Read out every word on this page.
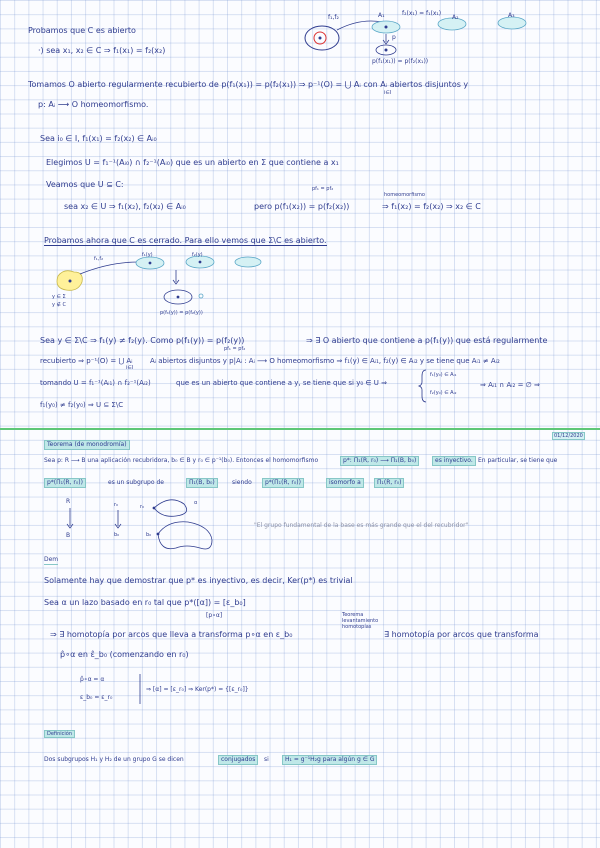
Probamos que C es abierto
·) sea x₁, x₂ ∈ C ⇒ f₁(x₁) = f₂(x₂)
f₁,f₂	A₁	f₂(x₁) = f₁(x₁)
A₂	A₃
p
p(f₁(x₁)) = p(f₂(x₁))
Tomamos O abierto regularmente recubierto de p(f₁(x₁)) = p(f₂(x₁)) ⇒ p⁻¹(O) = ⋃ Aᵢ con Aᵢ abiertos disjuntos y
i∈I
p: Aᵢ ⟶ O homeomorfismo.
Sea i₀ ∈ I, f₁(x₁) = f₂(x₂) ∈ Aᵢ₀
Elegimos U = f₁⁻¹(Aᵢ₀) ∩ f₂⁻¹(Aᵢ₀) que es un abierto en Σ que contiene a x₁
Veamos que U ⊆ C:	pf₁ = pf₂
homeomorfismo
sea x₂ ∈ U ⇒ f₁(x₂), f₂(x₂) ∈ Aᵢ₀	pero p(f₁(x₂)) = p(f₂(x₂))	⇒ f₁(x₂) = f₂(x₂) ⇒ x₂ ∈ C
Probamos ahora que C es cerrado. Para ello vemos que Σ\C es abierto.
f₁,f₂
f₁(y)	f₂(y)
y ∈ Σ
y ∉ C
p(f₁(y)) = p(f₂(y))
Sea y ∈ Σ\C ⇒ f₁(y) ≠ f₂(y). Como p(f₁(y)) = p(f₂(y))	⇒ ∃ O abierto que contiene a p(f₁(y)) que está regularmente
pf₁ = pf₂
recubierto ⇒ p⁻¹(O) = ⋃ Aᵢ
i∈I
Aᵢ abiertos disjuntos y p|Aᵢ : Aᵢ ⟶ O homeomorfismo ⇒ f₁(y) ∈ Aᵢ₁, f₂(y) ∈ Aᵢ₂ y se tiene que Aᵢ₁ ≠ Aᵢ₂
tomando U = f₁⁻¹(Aᵢ₁) ∩ f₂⁻¹(Aᵢ₂)	que es un abierto que contiene a y, se tiene que si y₀ ∈ U ⇒
f₁(y₀) ∈ Aᵢ₁
f₂(y₀) ∈ Aᵢ₂
⇒ Aᵢ₁ ∩ Aᵢ₂ = ∅ ⇒
f₁(y₀) ≠ f₂(y₀) ⇒ U ⊆ Σ\C
01/12/2020
Teorema (de monodromía)
Sea p: R ⟶ B una aplicación recubridora, b₀ ∈ B y r₀ ∈ p⁻¹(b₀). Entonces el homomorfismo	p*: Π₁(R, r₀) ⟶ Π₁(B, b₀)	es inyectivo. En particular, se tiene que
p*(Π₁(R, r₀))	es un subgrupo de	Π₁(B, b₀)	siendo	p*(Π₁(R, r₀))	isomorfo a	Π₁(R, r₀)
R
B
r₀
b₀
r₀
b₀
α
"El grupo fundamental de la base es más grande que el del recubridor"
Dem
Solamente hay que demostrar que p* es inyectivo, es decir, Ker(p*) es trivial
Sea α un lazo basado en r₀ tal que p*([α]) = [ε_b₀]
[p∘α]	Teorema
levantamiento
homotopías
⇒ ∃ homotopía por arcos que lleva a transforma p∘α en ε_b₀	∃ homotopía por arcos que transforma
p̂∘α en ε̂_b₀ (comenzando en r₀)
p̂∘α = α
ε_b₀ = ε_r₀
⇒ [α] = [ε_r₀] ⇒ Ker(p*) = {[ε_r₀]}
Definición
Dos subgrupos H₁ y H₂ de un grupo G se dicen	conjugados	si	H₁ = g⁻¹H₂g para algún g ∈ G
